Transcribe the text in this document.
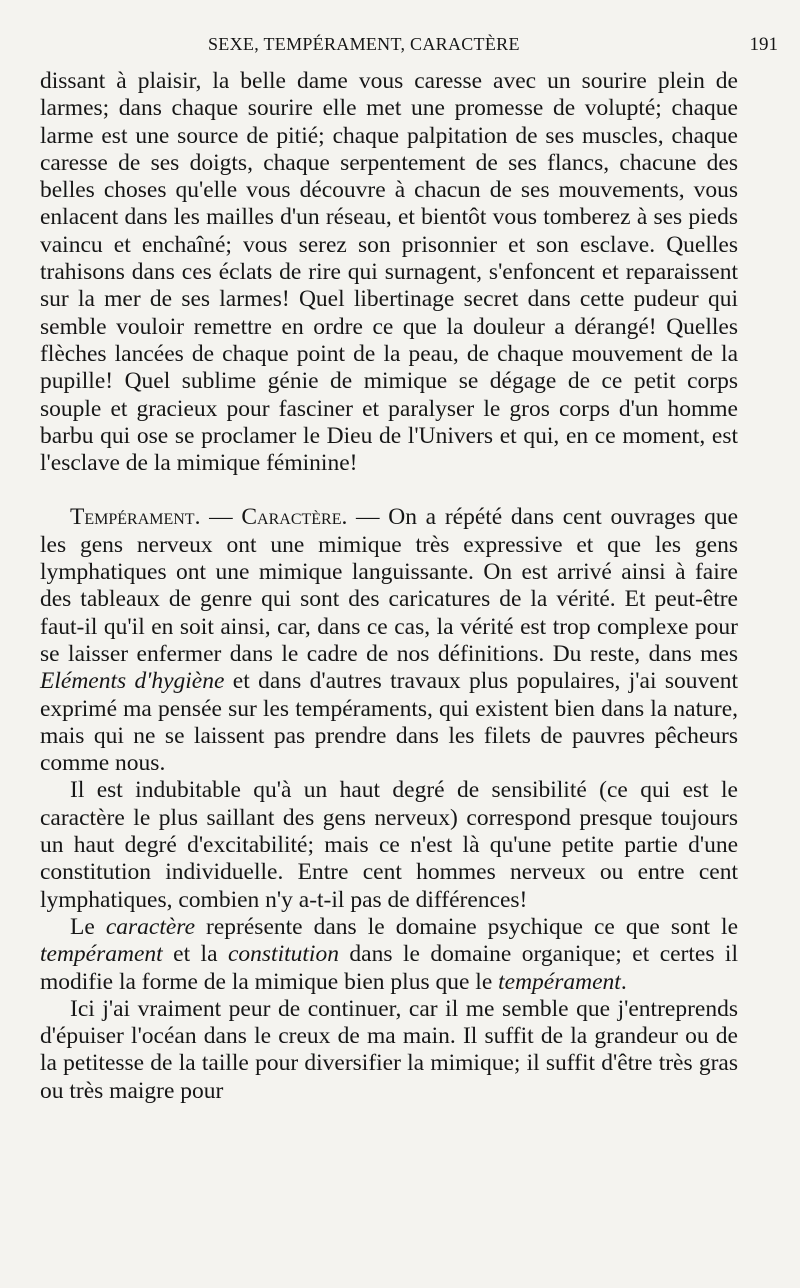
SEXE, TEMPÉRAMENT, CARACTÈRE	191

dissant à plaisir, la belle dame vous caresse avec un sourire plein de larmes; dans chaque sourire elle met une promesse de volupté; chaque larme est une source de pitié; chaque palpitation de ses muscles, chaque caresse de ses doigts, chaque serpentement de ses flancs, chacune des belles choses qu'elle vous découvre à chacun de ses mouvements, vous enlacent dans les mailles d'un réseau, et bientôt vous tomberez à ses pieds vaincu et enchaîné; vous serez son prisonnier et son esclave. Quelles trahisons dans ces éclats de rire qui surnagent, s'enfoncent et reparaissent sur la mer de ses larmes! Quel libertinage secret dans cette pudeur qui semble vouloir remettre en ordre ce que la douleur a dérangé! Quelles flèches lancées de chaque point de la peau, de chaque mouvement de la pupille! Quel sublime génie de mimique se dégage de ce petit corps souple et gracieux pour fasciner et paralyser le gros corps d'un homme barbu qui ose se proclamer le Dieu de l'Univers et qui, en ce moment, est l'esclave de la mimique féminine!

Tempérament. — Caractère. — On a répété dans cent ouvrages que les gens nerveux ont une mimique très expressive et que les gens lymphatiques ont une mimique languissante. On est arrivé ainsi à faire des tableaux de genre qui sont des caricatures de la vérité. Et peut-être faut-il qu'il en soit ainsi, car, dans ce cas, la vérité est trop complexe pour se laisser enfermer dans le cadre de nos définitions. Du reste, dans mes Eléments d'hygiène et dans d'autres travaux plus populaires, j'ai souvent exprimé ma pensée sur les tempéraments, qui existent bien dans la nature, mais qui ne se laissent pas prendre dans les filets de pauvres pêcheurs comme nous.

Il est indubitable qu'à un haut degré de sensibilité (ce qui est le caractère le plus saillant des gens nerveux) correspond presque toujours un haut degré d'excitabilité; mais ce n'est là qu'une petite partie d'une constitution individuelle. Entre cent hommes nerveux ou entre cent lymphatiques, combien n'y a-t-il pas de différences!

Le caractère représente dans le domaine psychique ce que sont le tempérament et la constitution dans le domaine organique; et certes il modifie la forme de la mimique bien plus que le tempérament.

Ici j'ai vraiment peur de continuer, car il me semble que j'entreprends d'épuiser l'océan dans le creux de ma main. Il suffit de la grandeur ou de la petitesse de la taille pour diversifier la mimique; il suffit d'être très gras ou très maigre pour
